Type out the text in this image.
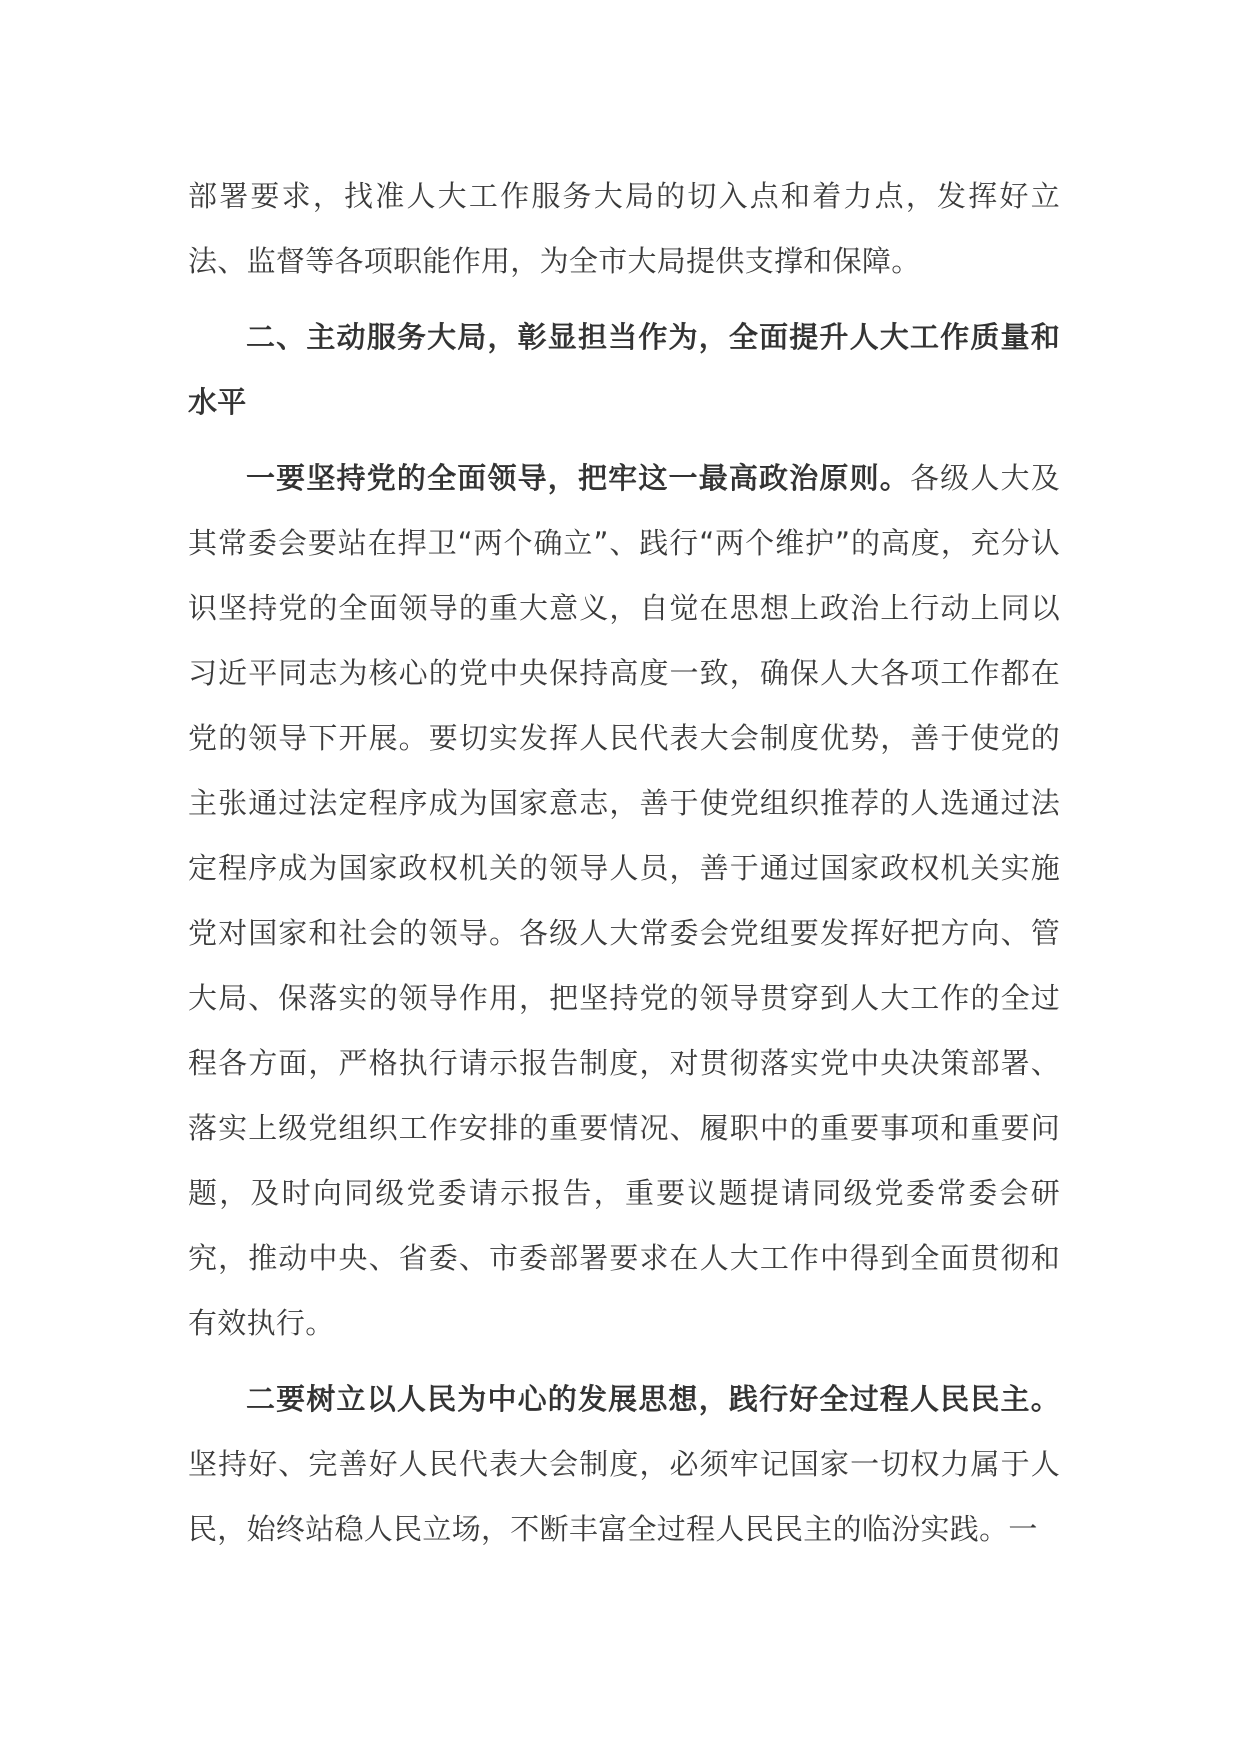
部署要求，找准人大工作服务大局的切入点和着力点，发挥好立法、监督等各项职能作用，为全市大局提供支撑和保障。

二、主动服务大局，彰显担当作为，全面提升人大工作质量和水平

一要坚持党的全面领导，把牢这一最高政治原则。各级人大及其常委会要站在捍卫“两个确立”、践行“两个维护”的高度，充分认识坚持党的全面领导的重大意义，自觉在思想上政治上行动上同以习近平同志为核心的党中央保持高度一致，确保人大各项工作都在党的领导下开展。要切实发挥人民代表大会制度优势，善于使党的主张通过法定程序成为国家意志，善于使党组织推荐的人选通过法定程序成为国家政权机关的领导人员，善于通过国家政权机关实施党对国家和社会的领导。各级人大常委会党组要发挥好把方向、管大局、保落实的领导作用，把坚持党的领导贯穿到人大工作的全过程各方面，严格执行请示报告制度，对贯彻落实党中央决策部署、落实上级党组织工作安排的重要情况、履职中的重要事项和重要问题，及时向同级党委请示报告，重要议题提请同级党委常委会研究，推动中央、省委、市委部署要求在人大工作中得到全面贯彻和有效执行。

二要树立以人民为中心的发展思想，践行好全过程人民民主。坚持好、完善好人民代表大会制度，必须牢记国家一切权力属于人民，始终站稳人民立场，不断丰富全过程人民民主的临汾实践。一
